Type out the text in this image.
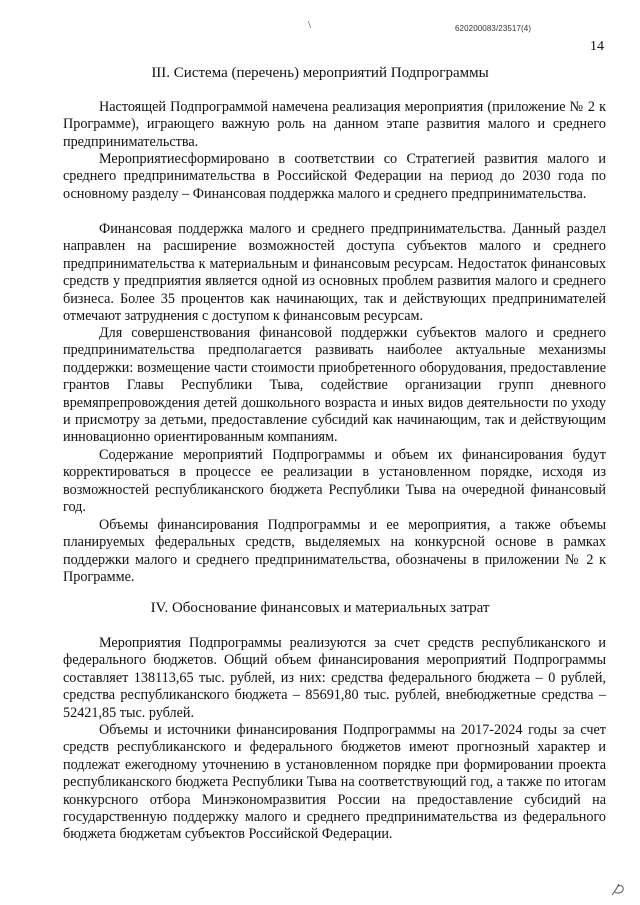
\	620200083/23517(4)
14
III. Система (перечень) мероприятий Подпрограммы

Настоящей Подпрограммой намечена реализация мероприятия (приложение № 2 к Программе), играющего важную роль на данном этапе развития малого и среднего предпринимательства.

Мероприятиесформировано в соответствии со Стратегией развития малого и среднего предпринимательства в Российской Федерации на период до 2030 года по основному разделу – Финансовая поддержка малого и среднего предпринимательства.

Финансовая поддержка малого и среднего предпринимательства. Данный раздел направлен на расширение возможностей доступа субъектов малого и среднего предпринимательства к материальным и финансовым ресурсам. Недостаток финансовых средств у предприятия является одной из основных проблем развития малого и среднего бизнеса. Более 35 процентов как начинающих, так и действующих предпринимателей отмечают затруднения с доступом к финансовым ресурсам.

Для совершенствования финансовой поддержки субъектов малого и среднего предпринимательства предполагается развивать наиболее актуальные механизмы поддержки: возмещение части стоимости приобретенного оборудования, предоставление грантов Главы Республики Тыва, содействие организации групп дневного времяпрепровождения детей дошкольного возраста и иных видов деятельности по уходу и присмотру за детьми, предоставление субсидий как начинающим, так и действующим инновационно ориентированным компаниям.

Содержание мероприятий Подпрограммы и объем их финансирования будут корректироваться в процессе ее реализации в установленном порядке, исходя из возможностей республиканского бюджета Республики Тыва на очередной финансовый год.

Объемы финансирования Подпрограммы и ее мероприятия, а также объемы планируемых федеральных средств, выделяемых на конкурсной основе в рамках поддержки малого и среднего предпринимательства, обозначены в приложении № 2 к Программе.

IV. Обоснование финансовых и материальных затрат

Мероприятия Подпрограммы реализуются за счет средств республиканского и федерального бюджетов. Общий объем финансирования мероприятий Подпрограммы составляет 138113,65 тыс. рублей, из них: средства федерального бюджета – 0 рублей, средства республиканского бюджета – 85691,80 тыс. рублей, внебюджетные средства – 52421,85 тыс. рублей.

Объемы и источники финансирования Подпрограммы на 2017-2024 годы за счет средств республиканского и федерального бюджетов имеют прогнозный характер и подлежат ежегодному уточнению в установленном порядке при формировании проекта республиканского бюджета Республики Тыва на соответствующий год, а также по итогам конкурсного отбора Минэкономразвития России на предоставление субсидий на государственную поддержку малого и среднего предпринимательства из федерального бюджета бюджетам субъектов Российской Федерации.
